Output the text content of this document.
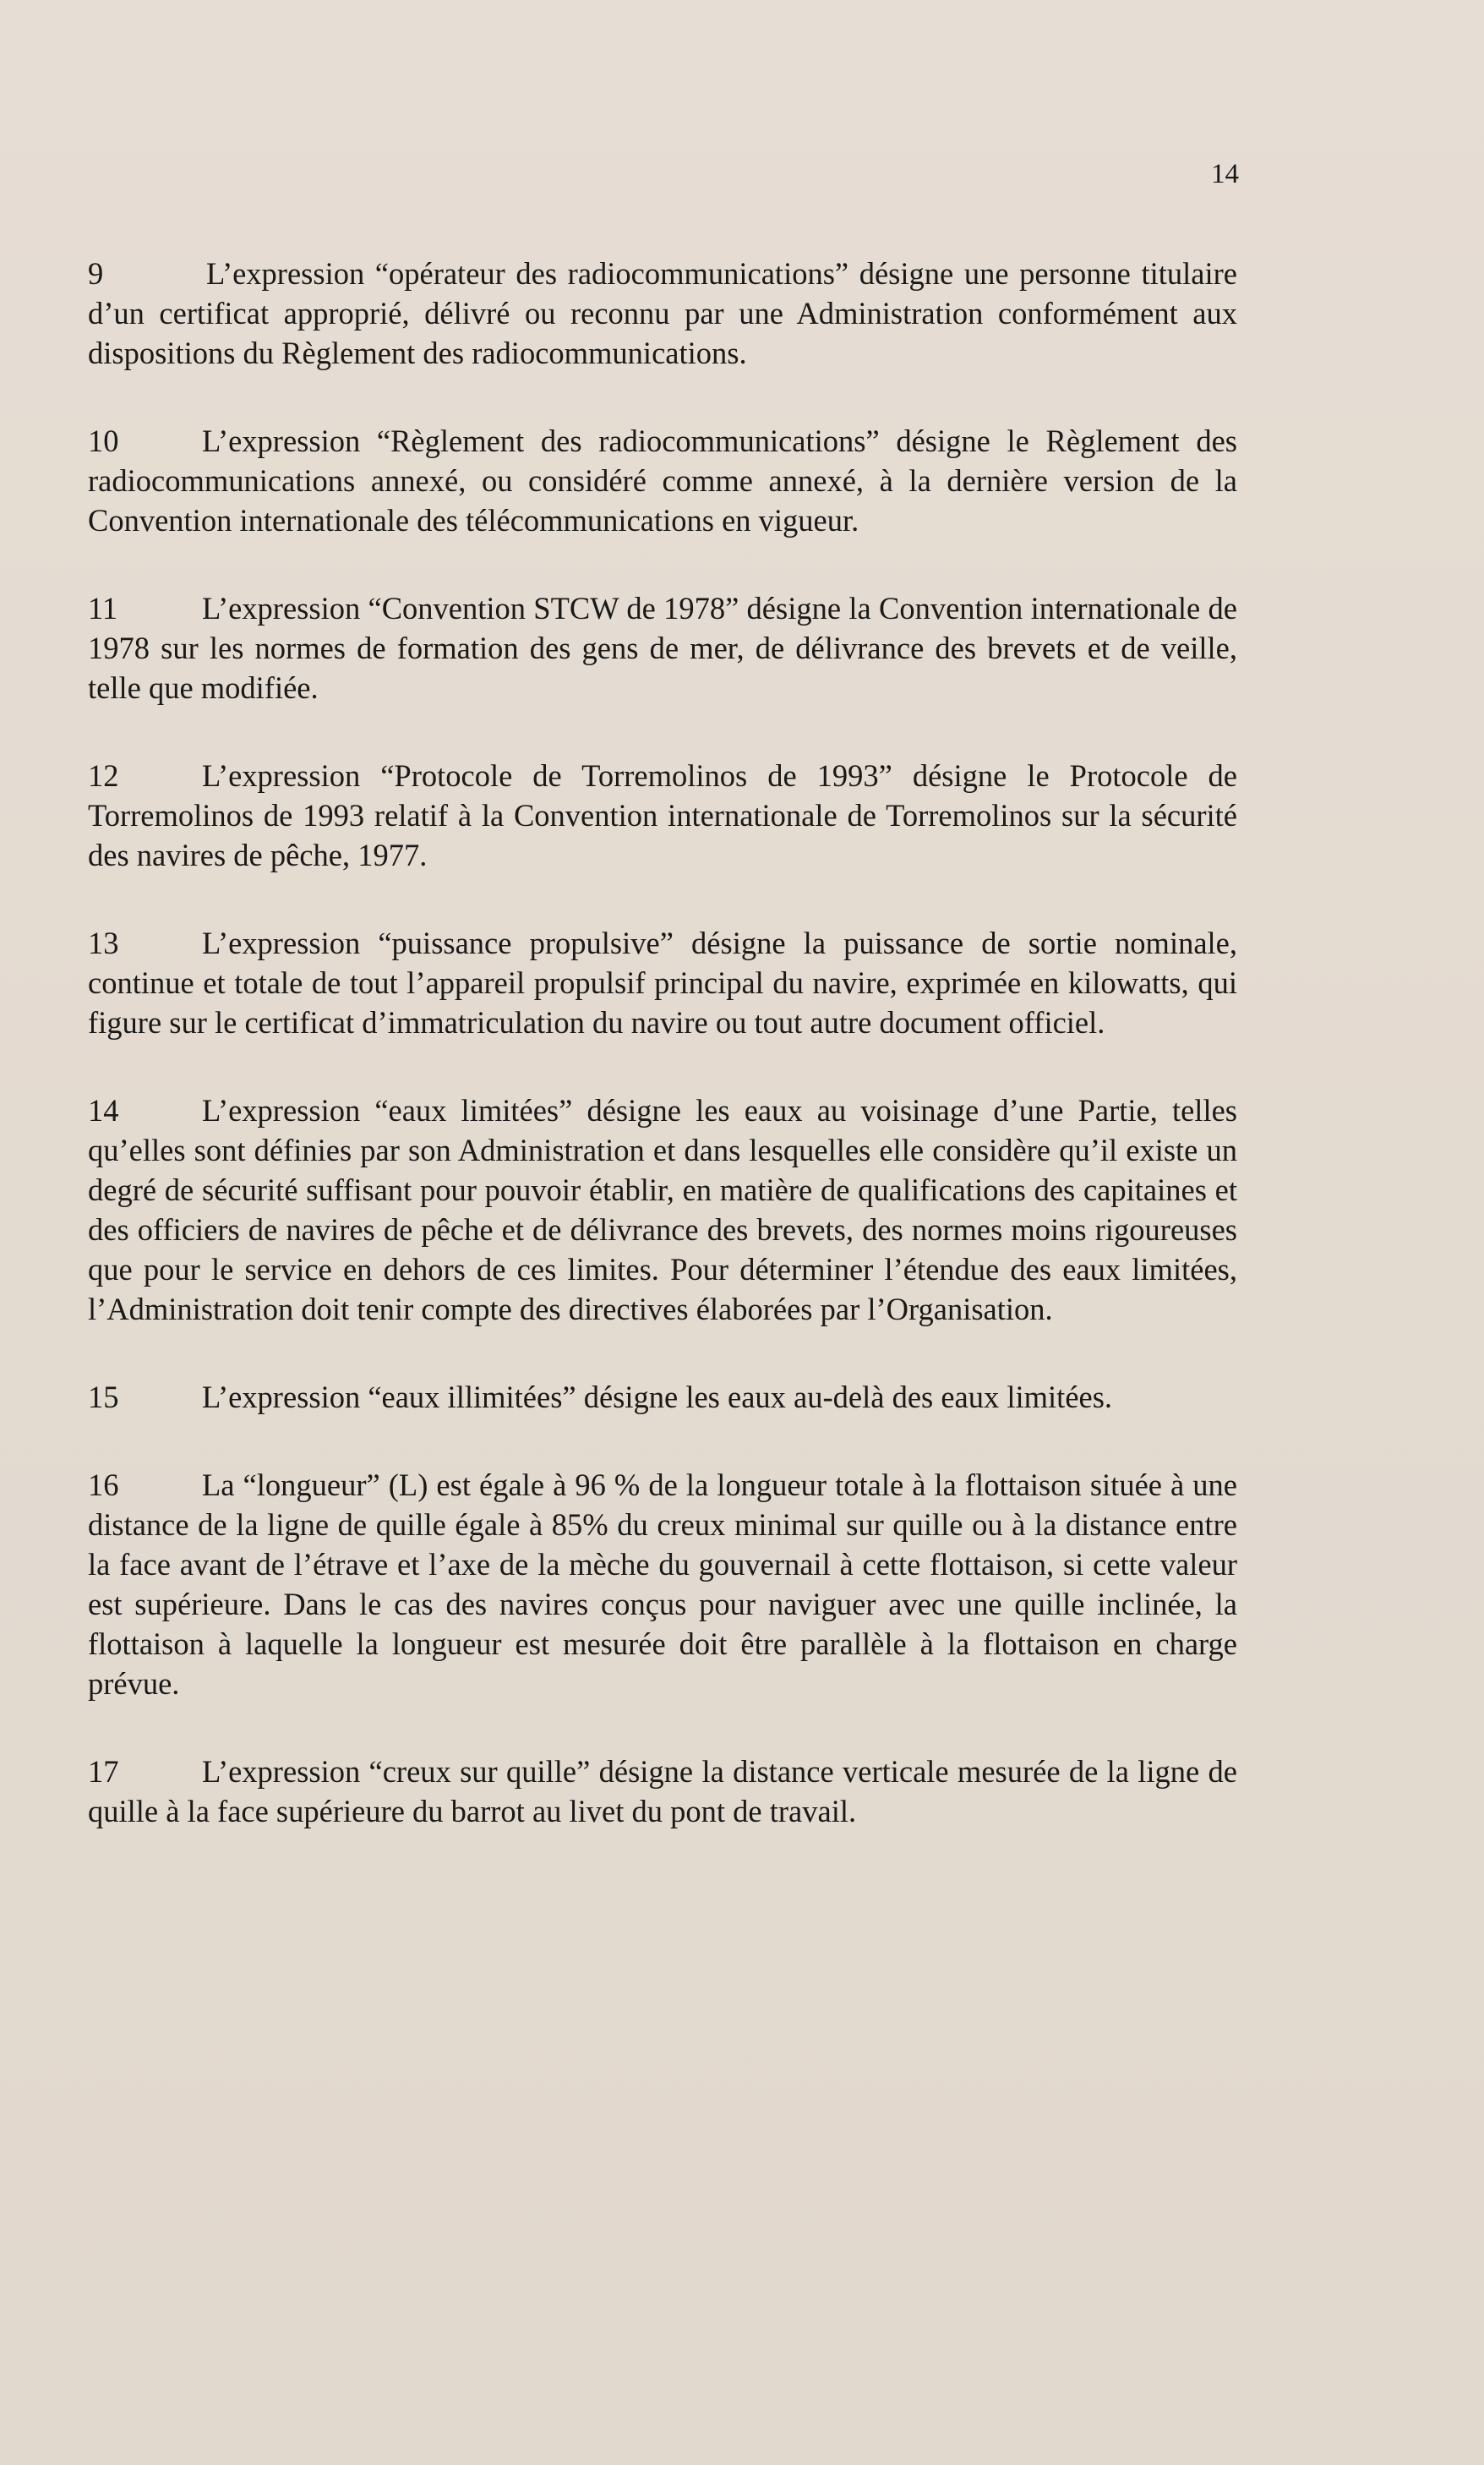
14

9	L’expression “opérateur des radiocommunications” désigne une personne titulaire d’un certificat approprié, délivré ou reconnu par une Administration conformément aux dispositions du Règlement des radiocommunications.

10	L’expression “Règlement des radiocommunications” désigne le Règlement des radiocommunications annexé, ou considéré comme annexé, à la dernière version de la Convention internationale des télécommunications en vigueur.

11	L’expression “Convention STCW de 1978” désigne la Convention internationale de 1978 sur les normes de formation des gens de mer, de délivrance des brevets et de veille, telle que modifiée.

12	L’expression “Protocole de Torremolinos de 1993” désigne le Protocole de Torremolinos de 1993 relatif à la Convention internationale de Torremolinos sur la sécurité des navires de pêche, 1977.

13	L’expression “puissance propulsive” désigne la puissance de sortie nominale, continue et totale de tout l’appareil propulsif principal du navire, exprimée en kilowatts, qui figure sur le certificat d’immatriculation du navire ou tout autre document officiel.

14	L’expression “eaux limitées” désigne les eaux au voisinage d’une Partie, telles qu’elles sont définies par son Administration et dans lesquelles elle considère qu’il existe un degré de sécurité suffisant pour pouvoir établir, en matière de qualifications des capitaines et des officiers de navires de pêche et de délivrance des brevets, des normes moins rigoureuses que pour le service en dehors de ces limites. Pour déterminer l’étendue des eaux limitées, l’Administration doit tenir compte des directives élaborées par l’Organisation.

15	L’expression “eaux illimitées” désigne les eaux au-delà des eaux limitées.

16	La “longueur” (L) est égale à 96 % de la longueur totale à la flottaison située à une distance de la ligne de quille égale à 85% du creux minimal sur quille ou à la distance entre la face avant de l’étrave et l’axe de la mèche du gouvernail à cette flottaison, si cette valeur est supérieure. Dans le cas des navires conçus pour naviguer avec une quille inclinée, la flottaison à laquelle la longueur est mesurée doit être parallèle à la flottaison en charge prévue.

17	L’expression “creux sur quille” désigne la distance verticale mesurée de la ligne de quille à la face supérieure du barrot au livet du pont de travail.
